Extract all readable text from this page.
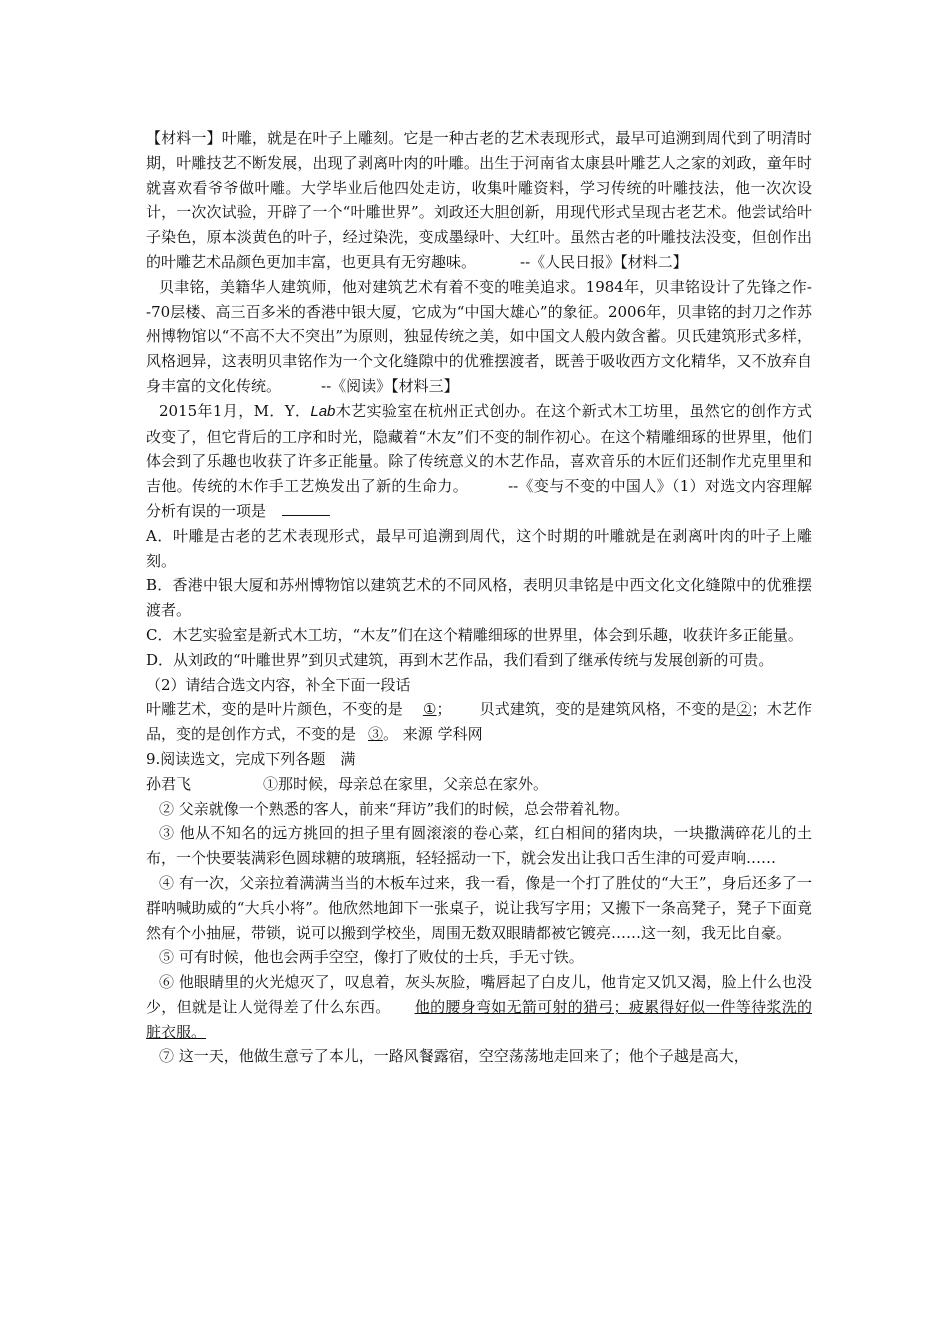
【材料一】叶雕，就是在叶子上雕刻。它是一种古老的艺术表现形式，最早可追溯到周代到了明清时期，叶雕技艺不断发展，出现了剥离叶肉的叶雕。出生于河南省太康县叶雕艺人之家的刘政，童年时就喜欢看爷爷做叶雕。大学毕业后他四处走访，收集叶雕资料，学习传统的叶雕技法，他一次次设计，一次次试验，开辟了一个“叶雕世界”。刘政还大胆创新，用现代形式呈现古老艺术。他尝试给叶子染色，原本淡黄色的叶子，经过染洗，变成墨绿叶、大红叶。虽然古老的叶雕技法没变，但创作出的叶雕艺术品颜色更加丰富，也更具有无穷趣味。	--《人民日报》【材料二】

贝聿铭，美籍华人建筑师，他对建筑艺术有着不变的唯美追求。1984年，贝聿铭设计了先锋之作--70层楼、高三百多米的香港中银大厦，它成为“中国大雄心”的象征。2006年，贝聿铭的封刀之作苏州博物馆以“不高不大不突出”为原则，独显传统之美，如中国文人般内敛含蓄。贝氏建筑形式多样，风格迥异，这表明贝聿铭作为一个文化缝隙中的优雅摆渡者，既善于吸收西方文化精华，又不放弃自身丰富的文化传统。	--《阅读》【材料三】

2015年1月，M．Y．Lab木艺实验室在杭州正式创办。在这个新式木工坊里，虽然它的创作方式改变了，但它背后的工序和时光，隐藏着“木友”们不变的制作初心。在这个精雕细琢的世界里，他们体会到了乐趣也收获了许多正能量。除了传统意义的木艺作品，喜欢音乐的木匠们还制作尤克里里和吉他。传统的木作手工艺焕发出了新的生命力。	--《变与不变的中国人》（1）对选文内容理解分析有误的一项是

A．叶雕是古老的艺术表现形式，最早可追溯到周代，这个时期的叶雕就是在剥离叶肉的叶子上雕刻。

B．香港中银大厦和苏州博物馆以建筑艺术的不同风格，表明贝聿铭是中西文化文化缝隙中的优雅摆渡者。

C．木艺实验室是新式木工坊，“木友”们在这个精雕细琢的世界里，体会到乐趣，收获许多正能量。

D．从刘政的“叶雕世界”到贝式建筑，再到木艺作品，我们看到了继承传统与发展创新的可贵。

（2）请结合选文内容，补全下面一段话

叶雕艺术，变的是叶片颜色，不变的是 ①； 贝式建筑，变的是建筑风格，不变的是②；木艺作品，变的是创作方式，不变的是 ③。 来源 学科网

9.阅读选文，完成下列各题　满

孙君飞	①那时候，母亲总在家里，父亲总在家外。

② 父亲就像一个熟悉的客人，前来“拜访”我们的时候，总会带着礼物。

③ 他从不知名的远方挑回的担子里有圆滚滚的卷心菜，红白相间的猪肉块，一块撒满碎花儿的土布，一个快要装满彩色圆球糖的玻璃瓶，轻轻摇动一下，就会发出让我口舌生津的可爱声响……

④ 有一次，父亲拉着满满当当的木板车过来，我一看，像是一个打了胜仗的“大王”，身后还多了一群呐喊助威的“大兵小将”。他欣然地卸下一张桌子，说让我写字用；又搬下一条高凳子，凳子下面竟然有个小抽屉，带锁，说可以搬到学校坐，周围无数双眼睛都被它镀亮……这一刻，我无比自豪。

⑤ 可有时候，他也会两手空空，像打了败仗的士兵，手无寸铁。

⑥ 他眼睛里的火光熄灭了，叹息着，灰头灰脸，嘴唇起了白皮儿，他肯定又饥又渴，脸上什么也没少，但就是让人觉得差了什么东西。 他的腰身弯如无箭可射的猎弓；疲累得好似一件等待浆洗的脏衣服。

⑦ 这一天，他做生意亏了本儿，一路风餐露宿，空空荡荡地走回来了；他个子越是高大，
